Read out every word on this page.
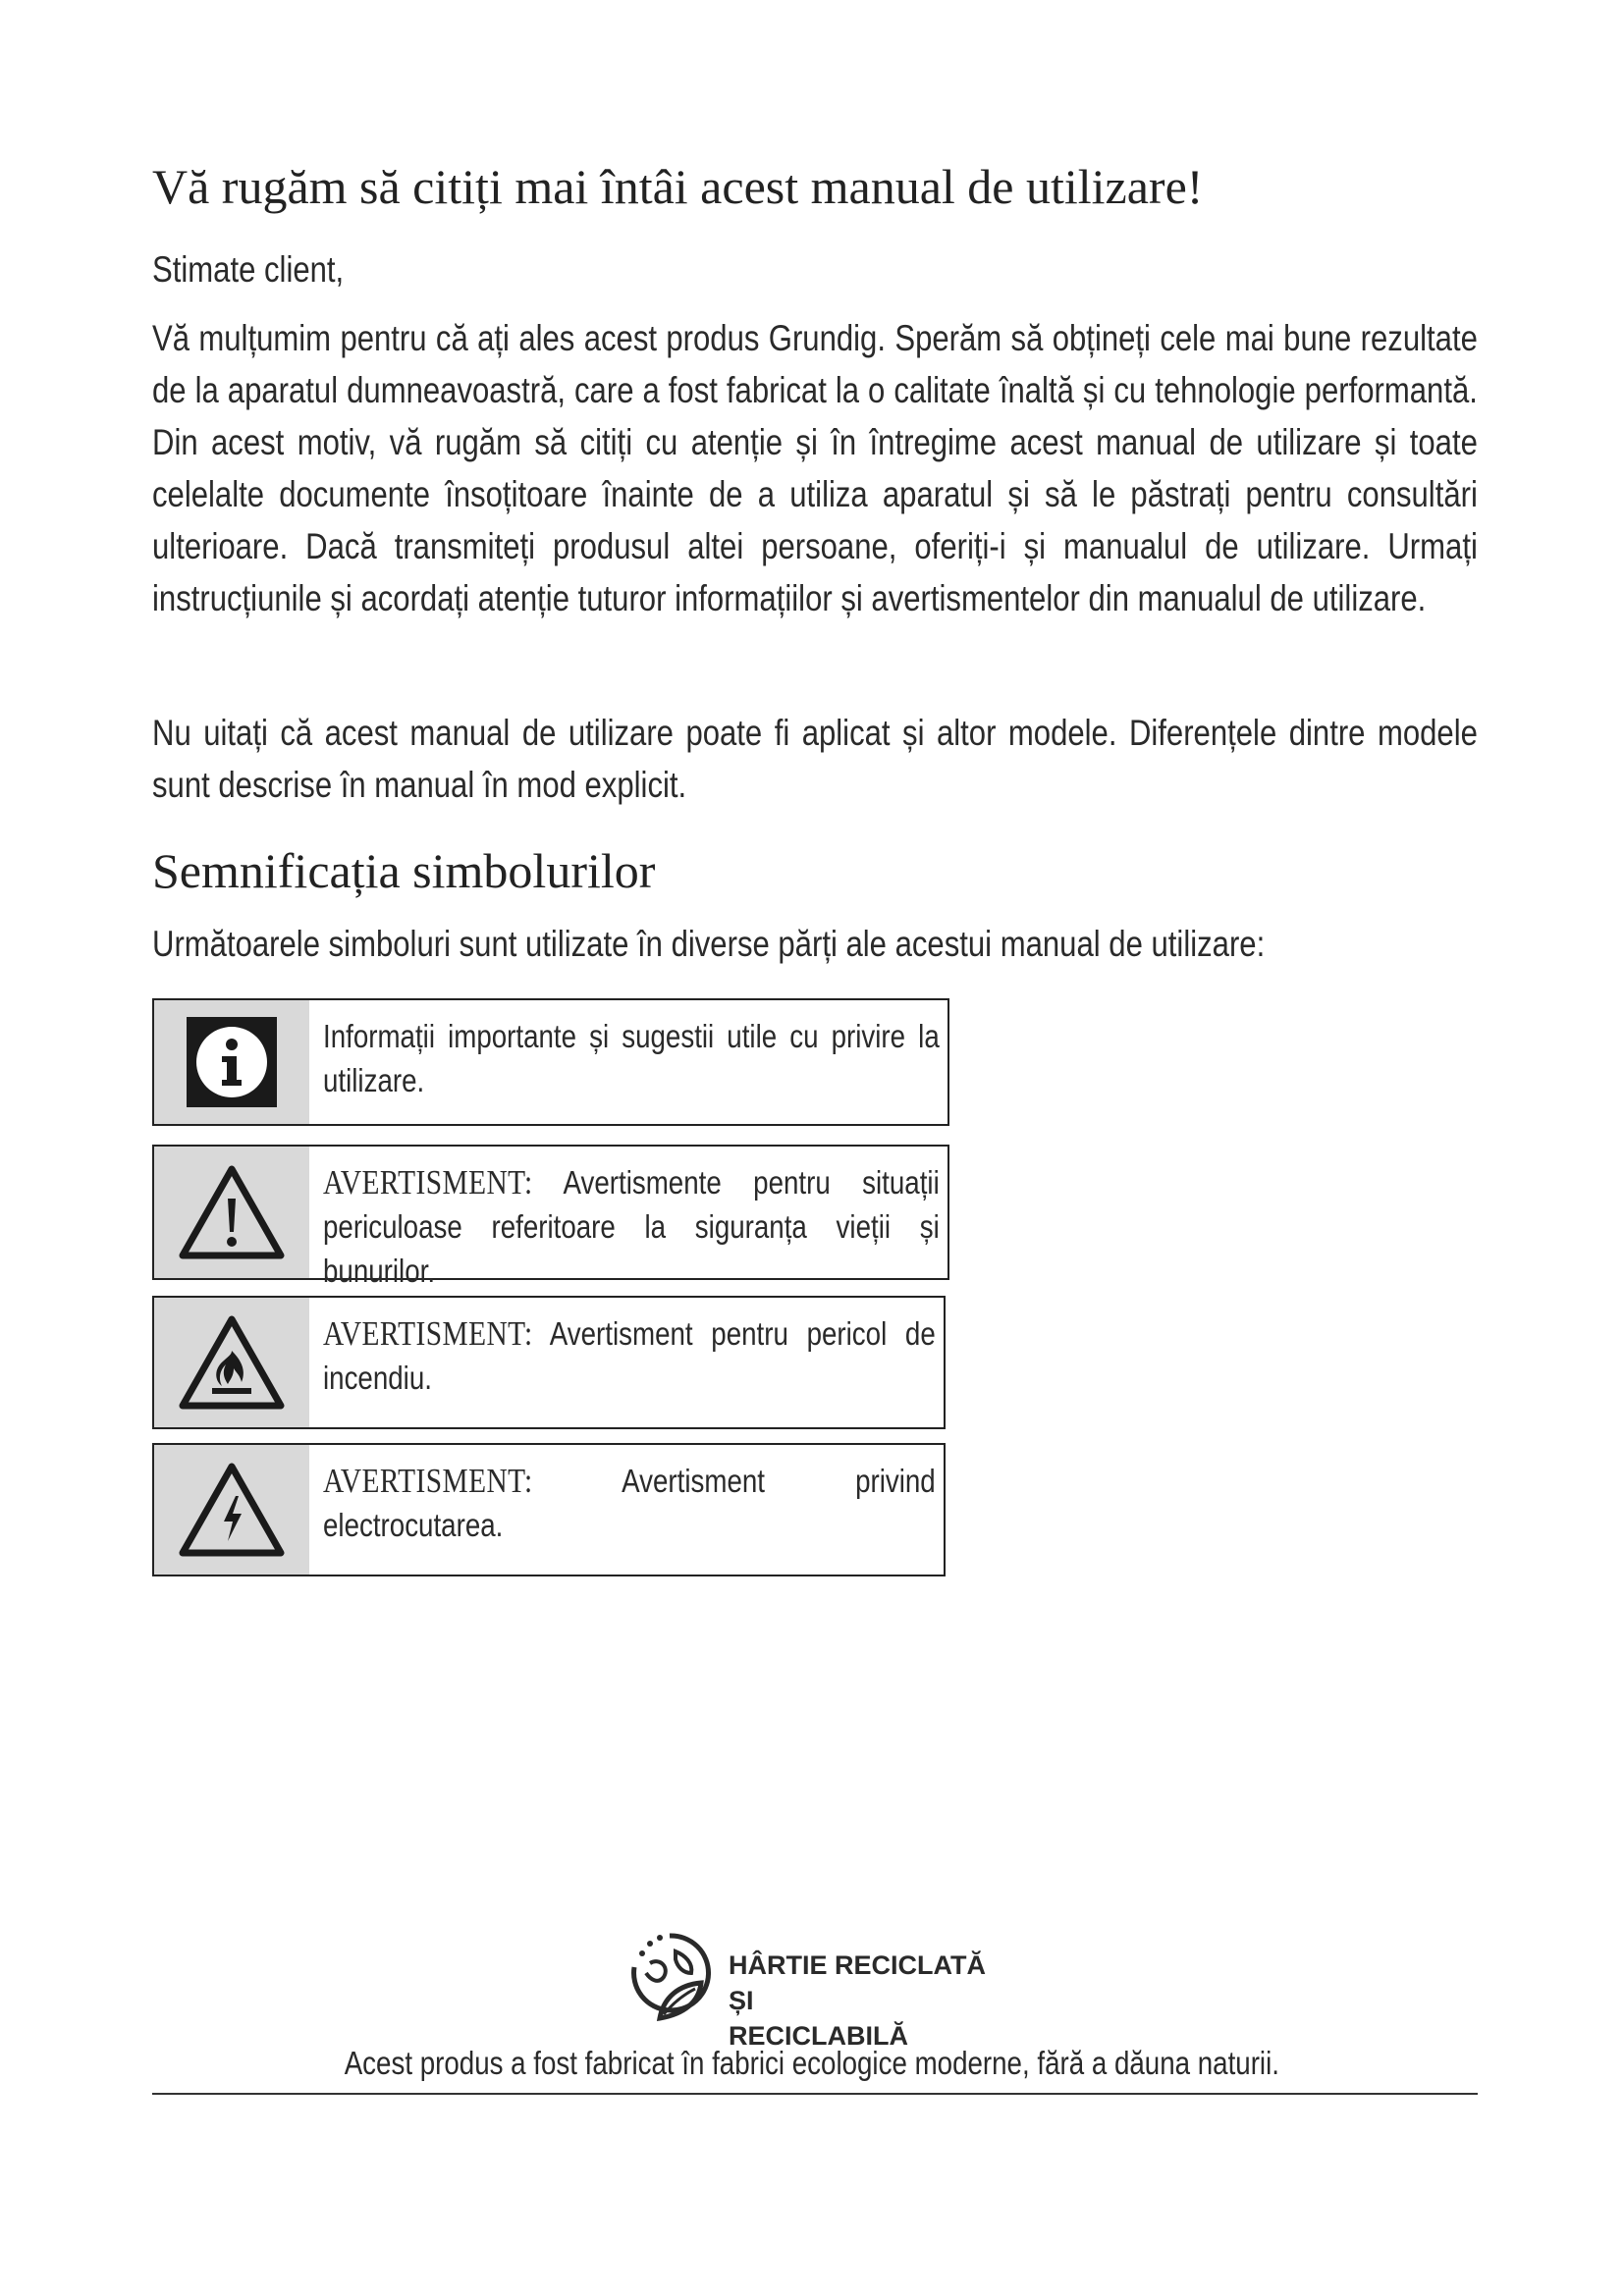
Vă rugăm să citiți mai întâi acest manual de utilizare!

Stimate client,

Vă mulțumim pentru că ați ales acest produs Grundig. Sperăm să obțineți cele mai bune rezultate de la aparatul dumneavoastră, care a fost fabricat la o calitate înaltă și cu tehnologie performantă. Din acest motiv, vă rugăm să citiți cu atenție și în întregime acest manual de utilizare și toate celelalte documente însoțitoare înainte de a utiliza aparatul și să le păstrați pentru consultări ulterioare. Dacă transmiteți produsul altei persoane, oferiți-i și manualul de utilizare. Urmați instrucțiunile și acordați atenție tuturor informațiilor și avertismentelor din manualul de utilizare.

Nu uitați că acest manual de utilizare poate fi aplicat și altor modele. Diferențele dintre modele sunt descrise în manual în mod explicit.

Semnificația simbolurilor

Următoarele simboluri sunt utilizate în diverse părți ale acestui manual de utilizare:

Informații importante și sugestii utile cu privire la utilizare.
AVERTISMENT: Avertismente pentru situații periculoase referitoare la siguranța vieții și bunurilor.
AVERTISMENT: Avertisment pentru pericol de incendiu.
AVERTISMENT:	Avertisment privind electrocutarea.
HÂRTIE RECICLATĂ ȘI
RECICLABILĂ
Acest produs a fost fabricat în fabrici ecologice moderne, fără a dăuna naturii.
